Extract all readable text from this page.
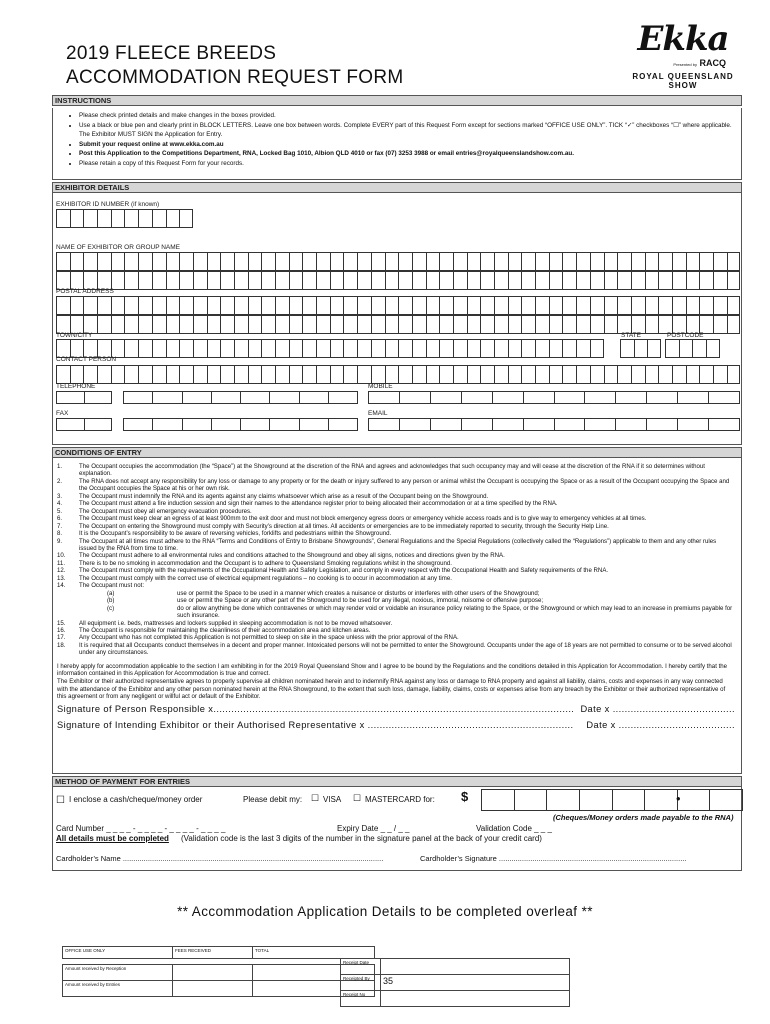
2019 FLEECE BREEDS
ACCOMMODATION REQUEST FORM
Ekka
Presented by RACQ
ROYAL QUEENSLAND SHOW
INSTRUCTIONS
• Please check printed details and make changes in the boxes provided.
• Use a black or blue pen and clearly print in BLOCK LETTERS. Leave one box between words. Complete EVERY part of this Request Form except for sections marked “OFFICE USE ONLY”. TICK “✓” checkboxes “☐” where applicable. The Exhibitor MUST SIGN the Application for Entry.
• Submit your request online at www.ekka.com.au
• Post this Application to the Competitions Department, RNA, Locked Bag 1010, Albion QLD 4010 or fax (07) 3253 3988 or email entries@royalqueenslandshow.com.au.
• Please retain a copy of this Request Form for your records.
EXHIBITOR DETAILS
EXHIBITOR ID NUMBER (if known)
NAME OF EXHIBITOR OR GROUP NAME
POSTAL ADDRESS
TOWN/CITY	STATE	POSTCODE
CONTACT PERSON
TELEPHONE	MOBILE
FAX	EMAIL
CONDITIONS OF ENTRY
1.	The Occupant occupies the accommodation (the “Space”) at the Showground at the discretion of the RNA and agrees and acknowledges that such occupancy may and will cease at the discretion of the RNA if it so determines without explanation.
2.	The RNA does not accept any responsibility for any loss or damage to any property or for the death or injury suffered to any person or animal whilst the Occupant is occupying the Space or as a result of the Occupant occupying the Space and the Occupant occupies the Space at his or her own risk.
3.	The Occupant must indemnify the RNA and its agents against any claims whatsoever which arise as a result of the Occupant being on the Showground.
4.	The Occupant must attend a fire induction session and sign their names to the attendance register prior to being allocated their accommodation or at a time specified by the RNA.
5.	The Occupant must obey all emergency evacuation procedures.
6.	The Occupant must keep clear an egress of at least 900mm to the exit door and must not block emergency egress doors or emergency vehicle access roads and is to give way to emergency vehicles at all times.
7.	The Occupant on entering the Showground must comply with Security’s direction at all times. All accidents or emergencies are to be immediately reported to security, through the Security Help Line.
8.	It is the Occupant’s responsibility to be aware of reversing vehicles, forklifts and pedestrians within the Showground.
9.	The Occupant at all times must adhere to the RNA “Terms and Conditions of Entry to Brisbane Showgrounds”, General Regulations and the Special Regulations (collectively called the “Regulations”) applicable to them and any other rules issued by the RNA from time to time.
10.	The Occupant must adhere to all environmental rules and conditions attached to the Showground and obey all signs, notices and directions given by the RNA.
11.	There is to be no smoking in accommodation and the Occupant is to adhere to Queensland Smoking regulations whilst in the showground.
12.	The Occupant must comply with the requirements of the Occupational Health and Safety Legislation, and comply in every respect with the Occupational Health and Safety requirements of the RNA.
13.	The Occupant must comply with the correct use of electrical equipment regulations – no cooking is to occur in accommodation at any time.
14.	The Occupant must not:
(a)	use or permit the Space to be used in a manner which creates a nuisance or disturbs or interferes with other users of the Showground;
(b)	use or permit the Space or any other part of the Showground to be used for any illegal, noxious, immoral, noisome or offensive purpose;
(c)	do or allow anything be done which contravenes or which may render void or voidable an insurance policy relating to the Space, or the Showground or which may lead to an increase in premiums payable for such insurance.
15.	All equipment i.e. beds, mattresses and lockers supplied in sleeping accommodation is not to be moved whatsoever.
16.	The Occupant is responsible for maintaining the cleanliness of their accommodation area and kitchen areas.
17.	Any Occupant who has not completed this Application is not permitted to sleep on site in the space unless with the prior approval of the RNA.
18.	It is required that all Occupants conduct themselves in a decent and proper manner. Intoxicated persons will not be permitted to enter the Showground. Occupants under the age of 18 years are not permitted to consume or to be served alcohol under any circumstances.
I hereby apply for accommodation applicable to the section I am exhibiting in for the 2019 Royal Queensland Show and I agree to be bound by the Regulations and the conditions detailed in this Application for Accommodation. I hereby certify that the information contained in this Application for Accommodation is true and correct.
The Exhibitor or their authorized representative agrees to properly supervise all children nominated herein and to indemnify RNA against any loss or damage to RNA property and against all liability, claims, costs and expenses in any way connected with the attendance of the Exhibitor and any other person nominated herein at the RNA Showground, to the extent that such loss, damage, liability, claims, costs or expenses arise from any breach by the Exhibitor or their authorized representative of this agreement or from any negligent or willful act or default of the Exhibitor.
Signature of Person Responsible x......................................................................................................................... Date x .........................................
Signature of Intending Exhibitor or their Authorised Representative x ..................................................................... Date x .......................................
METHOD OF PAYMENT FOR ENTRIES
☐ I enclose a cash/cheque/money order	Please debit my: ☐ VISA ☐ MASTERCARD for: $	●
(Cheques/Money orders made payable to the RNA)
Card Number _ _ _ _ - _ _ _ _ - _ _ _ _ - _ _ _ _	Expiry Date _ _ / _ _	Validation Code _ _ _
All details must be completed (Validation code is the last 3 digits of the number in the signature panel at the back of your credit card)
Cardholder’s Name .............................................................................................................................	Cardholder’s Signature ..........................................................................................
** Accommodation Application Details to be completed overleaf **
OFFICE USE ONLY	FEES RECEIVED	TOTAL

Amount received by Reception		
Amount received by Entries		
Receipt Date	
Receipted By	35
Receipt No	
